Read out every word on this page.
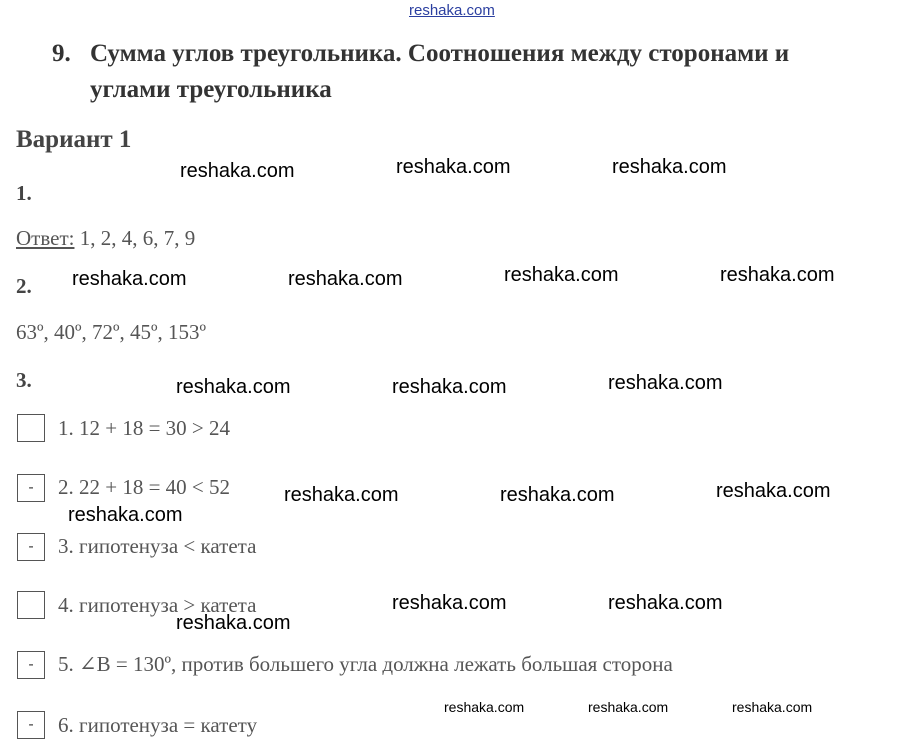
reshaka.com
9. Сумма углов треугольника. Соотношения между сторонами и
углами треугольника
Вариант 1
1.
Ответ: 1, 2, 4, 6, 7, 9
2.
63º, 40º, 72º, 45º, 153º
3.
1. 12 + 18 = 30 > 24
-	2. 22 + 18 = 40 < 52
-	3. гипотенуза < катета
4. гипотенуза > катета
-	5. ∠B = 130º, против большего угла должна лежать большая сторона
-	6. гипотенуза = катету
reshaka.com	reshaka.com	reshaka.com
reshaka.com	reshaka.com	reshaka.com	reshaka.com
reshaka.com	reshaka.com	reshaka.com
reshaka.com	reshaka.com	reshaka.com
reshaka.com
reshaka.com	reshaka.com
reshaka.com
reshaka.com	reshaka.com	reshaka.com
